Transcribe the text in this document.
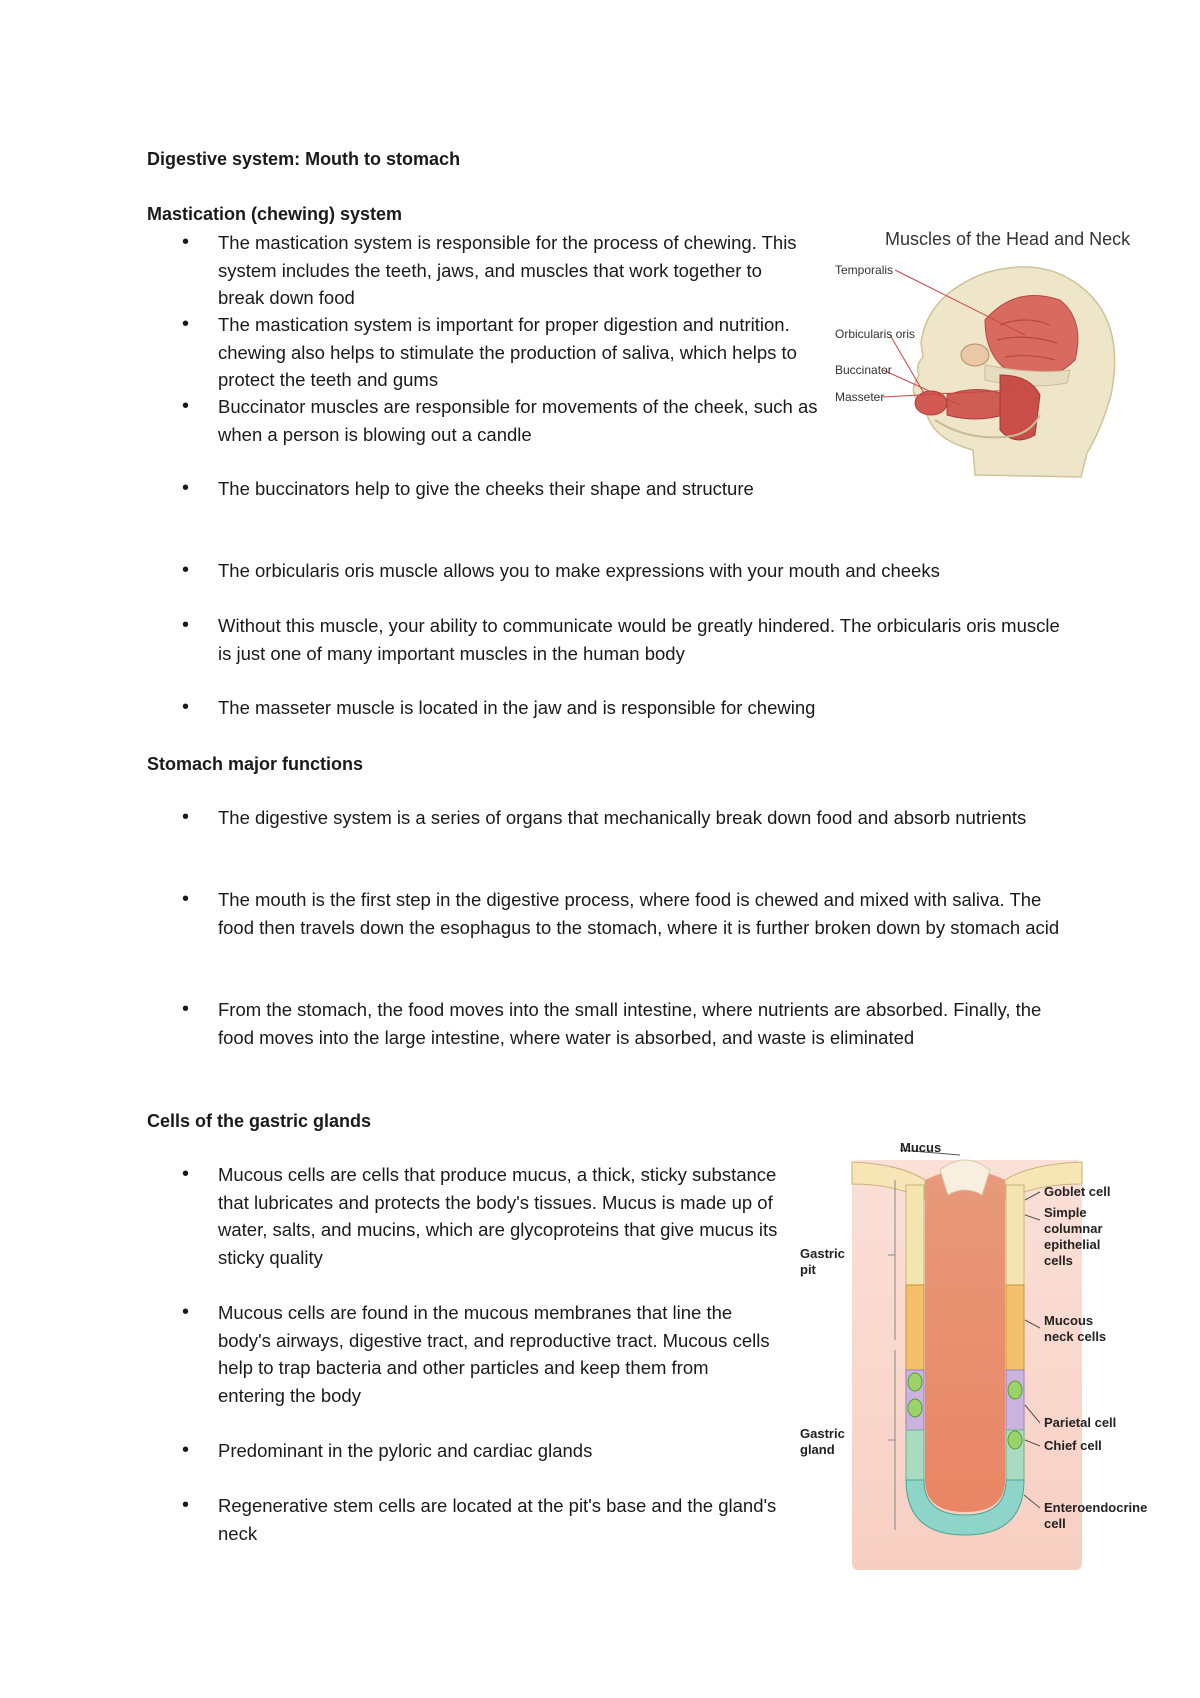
Digestive system: Mouth to stomach

Mastication (chewing) system

• The mastication system is responsible for the process of chewing. This system includes the teeth, jaws, and muscles that work together to break down food

• The mastication system is important for proper digestion and nutrition. chewing also helps to stimulate the production of saliva, which helps to protect the teeth and gums

• Buccinator muscles are responsible for movements of the cheek, such as when a person is blowing out a candle

• The buccinators help to give the cheeks their shape and structure

• The orbicularis oris muscle allows you to make expressions with your mouth and cheeks

• Without this muscle, your ability to communicate would be greatly hindered. The orbicularis oris muscle is just one of many important muscles in the human body

• The masseter muscle is located in the jaw and is responsible for chewing

Stomach major functions

• The digestive system is a series of organs that mechanically break down food and absorb nutrients

• The mouth is the first step in the digestive process, where food is chewed and mixed with saliva. The food then travels down the esophagus to the stomach, where it is further broken down by stomach acid

• From the stomach, the food moves into the small intestine, where nutrients are absorbed. Finally, the food moves into the large intestine, where water is absorbed, and waste is eliminated

Cells of the gastric glands

• Mucous cells are cells that produce mucus, a thick, sticky substance that lubricates and protects the body's tissues. Mucus is made up of water, salts, and mucins, which are glycoproteins that give mucus its sticky quality

• Mucous cells are found in the mucous membranes that line the body's airways, digestive tract, and reproductive tract. Mucous cells help to trap bacteria and other particles and keep them from entering the body

• Predominant in the pyloric and cardiac glands

• Regenerative stem cells are located at the pit's base and the gland's neck

Muscles of the Head and Neck
Temporalis
Orbicularis oris
Buccinator
Masseter
Mucus
Goblet cell
Simple
columnar
epithelial
cells
Mucous
neck cells
Gastric
pit
Gastric
gland
Parietal cell
Chief cell
Enteroendocrine
cell
